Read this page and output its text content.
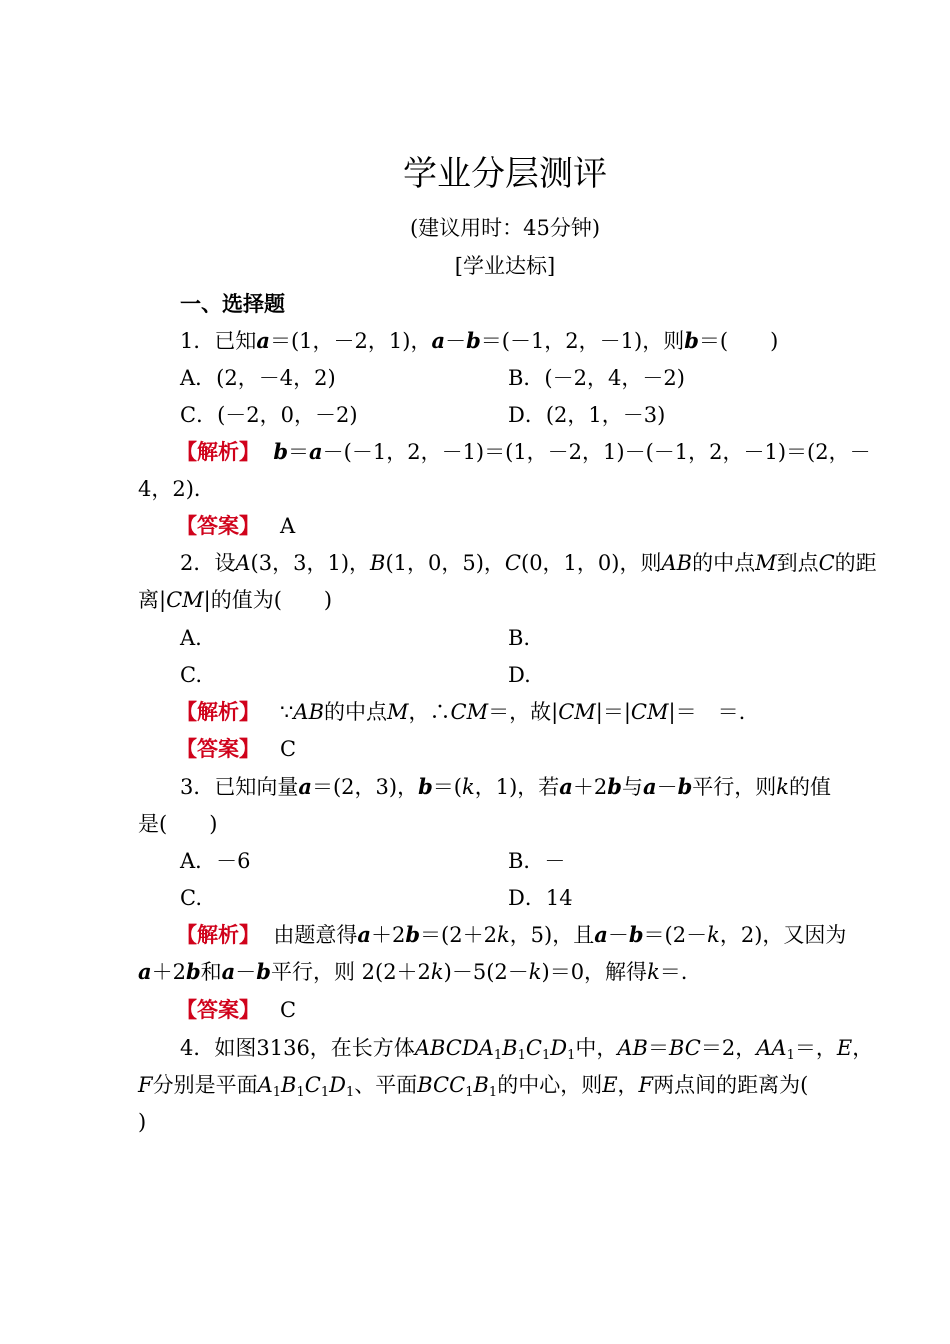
学业分层测评
(建议用时：45分钟)
[学业达标]
一、选择题
1．已知a＝(1，－2，1)，a－b＝(－1，2，－1)，则b＝(　　)
A．(2，－4，2)	B．(－2，4，－2)
C．(－2，0，－2)	D．(2，1，－3)
【解析】 b＝a－(－1，2，－1)＝(1，－2，1)－(－1，2，－1)＝(2，－
4，2)．
【答案】 A
2．设A(3，3，1)，B(1，0，5)，C(0，1，0)，则AB的中点M到点C的距
离|CM|的值为(　　)
A.	B.
C.	D.
【解析】 ∵AB的中点M，∴CM＝，故|CM|＝|CM|＝　＝.
【答案】 C
3．已知向量a＝(2，3)，b＝(k，1)，若a＋2b与a－b平行，则k的值
是(　　)
A．－6	B．－
C.	D．14
【解析】 由题意得a＋2b＝(2＋2k，5)，且a－b＝(2－k，2)，又因为
a＋2b和a－b平行，则 2(2＋2k)－5(2－k)＝0，解得k＝.
【答案】 C
4．如图3136，在长方体$ABCDA_1B_1C_1D_1$中，AB＝BC＝2，$AA_1=$，E，
F分别是平面$A_1B_1C_1D_1$、平面$BCC_1B_1$的中心，则E，F两点间的距离为(
)
